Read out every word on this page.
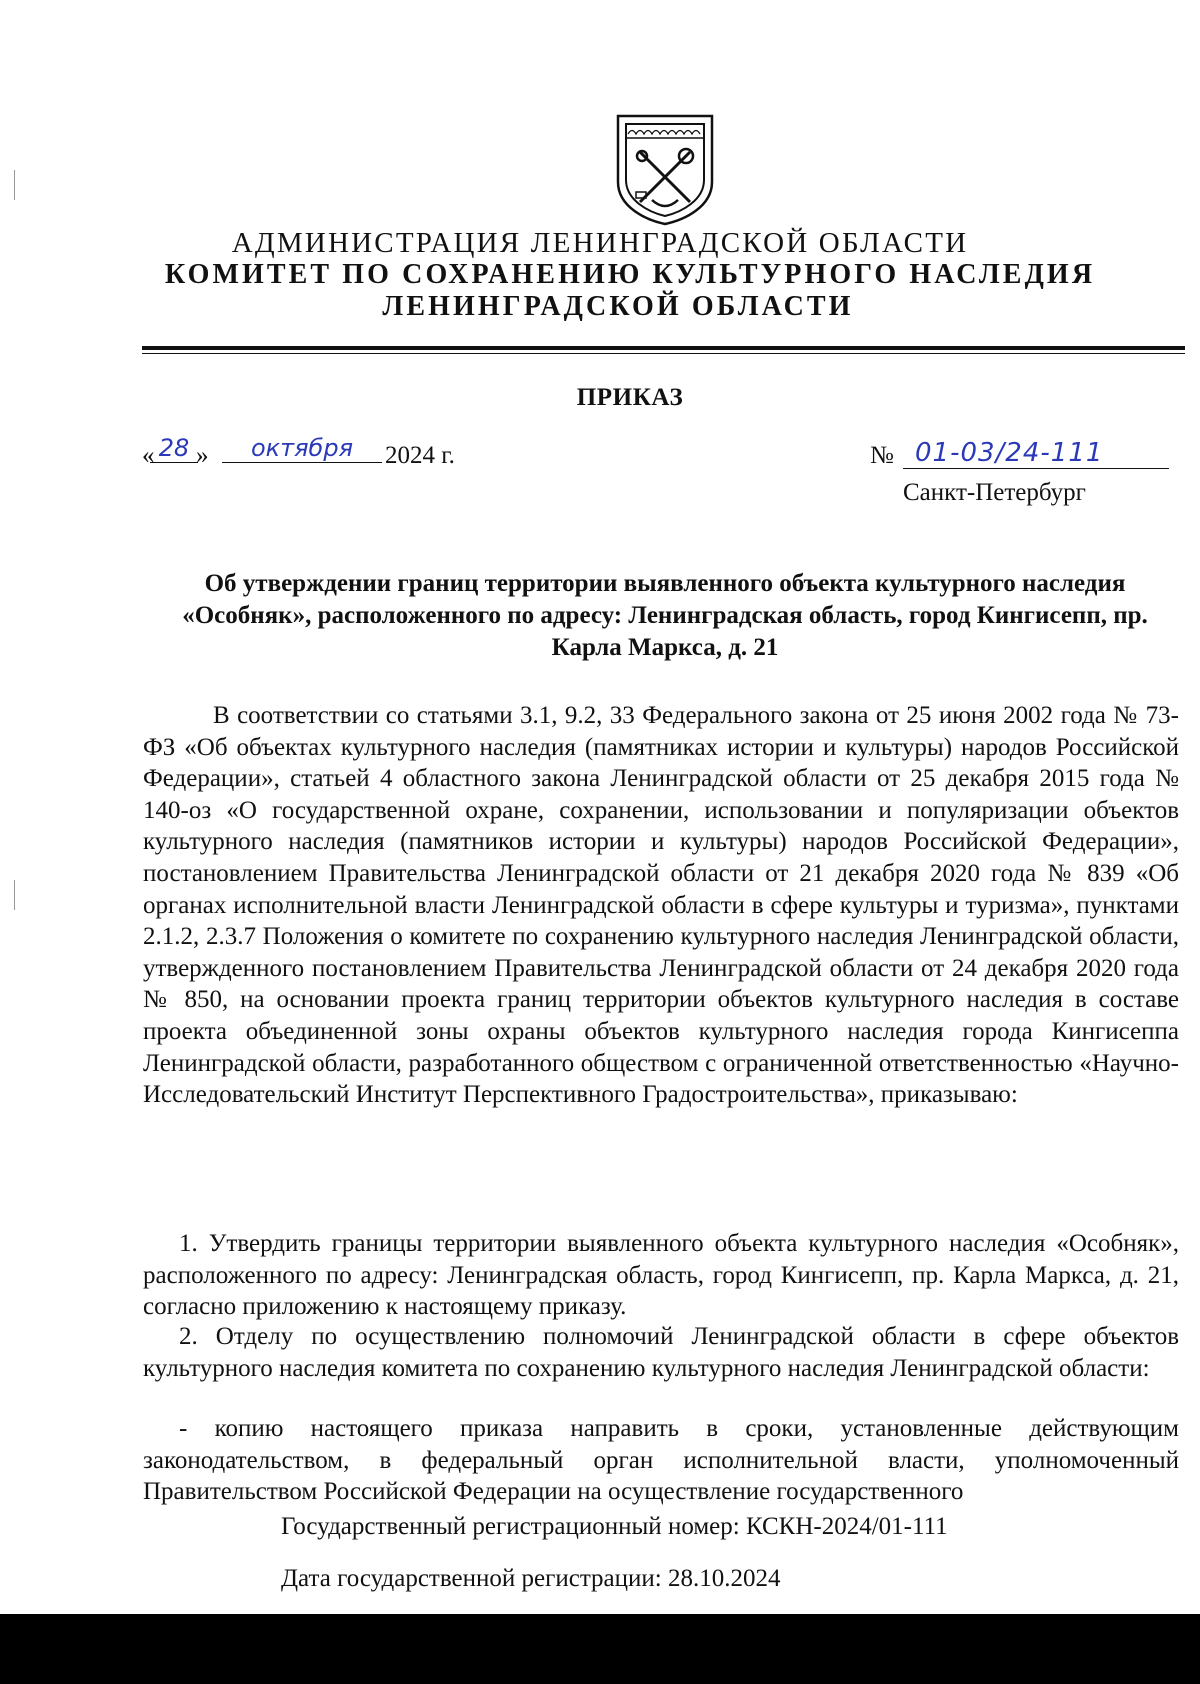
АДМИНИСТРАЦИЯ ЛЕНИНГРАДСКОЙ ОБЛАСТИ
КОМИТЕТ ПО СОХРАНЕНИЮ КУЛЬТУРНОГО НАСЛЕДИЯ
ЛЕНИНГРАДСКОЙ ОБЛАСТИ
ПРИКАЗ
« 28 »	октября	2024 г.	№ 01-03/24-111
Санкт-Петербург
Об утверждении границ территории выявленного объекта культурного наследия «Особняк», расположенного по адресу: Ленинградская область, город Кингисепп, пр. Карла Маркса, д. 21

В соответствии со статьями 3.1, 9.2, 33 Федерального закона от 25 июня 2002 года № 73-ФЗ «Об объектах культурного наследия (памятниках истории и культуры) народов Российской Федерации», статьей 4 областного закона Ленинградской области от 25 декабря 2015 года № 140-оз «О государственной охране, сохранении, использовании и популяризации объектов культурного наследия (памятников истории и культуры) народов Российской Федерации», постановлением Правительства Ленинградской области от 21 декабря 2020 года № 839 «Об органах исполнительной власти Ленинградской области в сфере культуры и туризма», пунктами 2.1.2, 2.3.7 Положения о комитете по сохранению культурного наследия Ленинградской области, утвержденного постановлением Правительства Ленинградской области от 24 декабря 2020 года № 850, на основании проекта границ территории объектов культурного наследия в составе проекта объединенной зоны охраны объектов культурного наследия города Кингисеппа Ленинградской области, разработанного обществом с ограниченной ответственностью «Научно-Исследовательский Институт Перспективного Градостроительства», приказываю:

1. Утвердить границы территории выявленного объекта культурного наследия «Особняк», расположенного по адресу: Ленинградская область, город Кингисепп, пр. Карла Маркса, д. 21, согласно приложению к настоящему приказу.

2. Отделу по осуществлению полномочий Ленинградской области в сфере объектов культурного наследия комитета по сохранению культурного наследия Ленинградской области:

- копию настоящего приказа направить в сроки, установленные действующим законодательством, в федеральный орган исполнительной власти, уполномоченный Правительством Российской Федерации на осуществление государственного

Государственный регистрационный номер: КСКН-2024/01-111
Дата государственной регистрации: 28.10.2024
